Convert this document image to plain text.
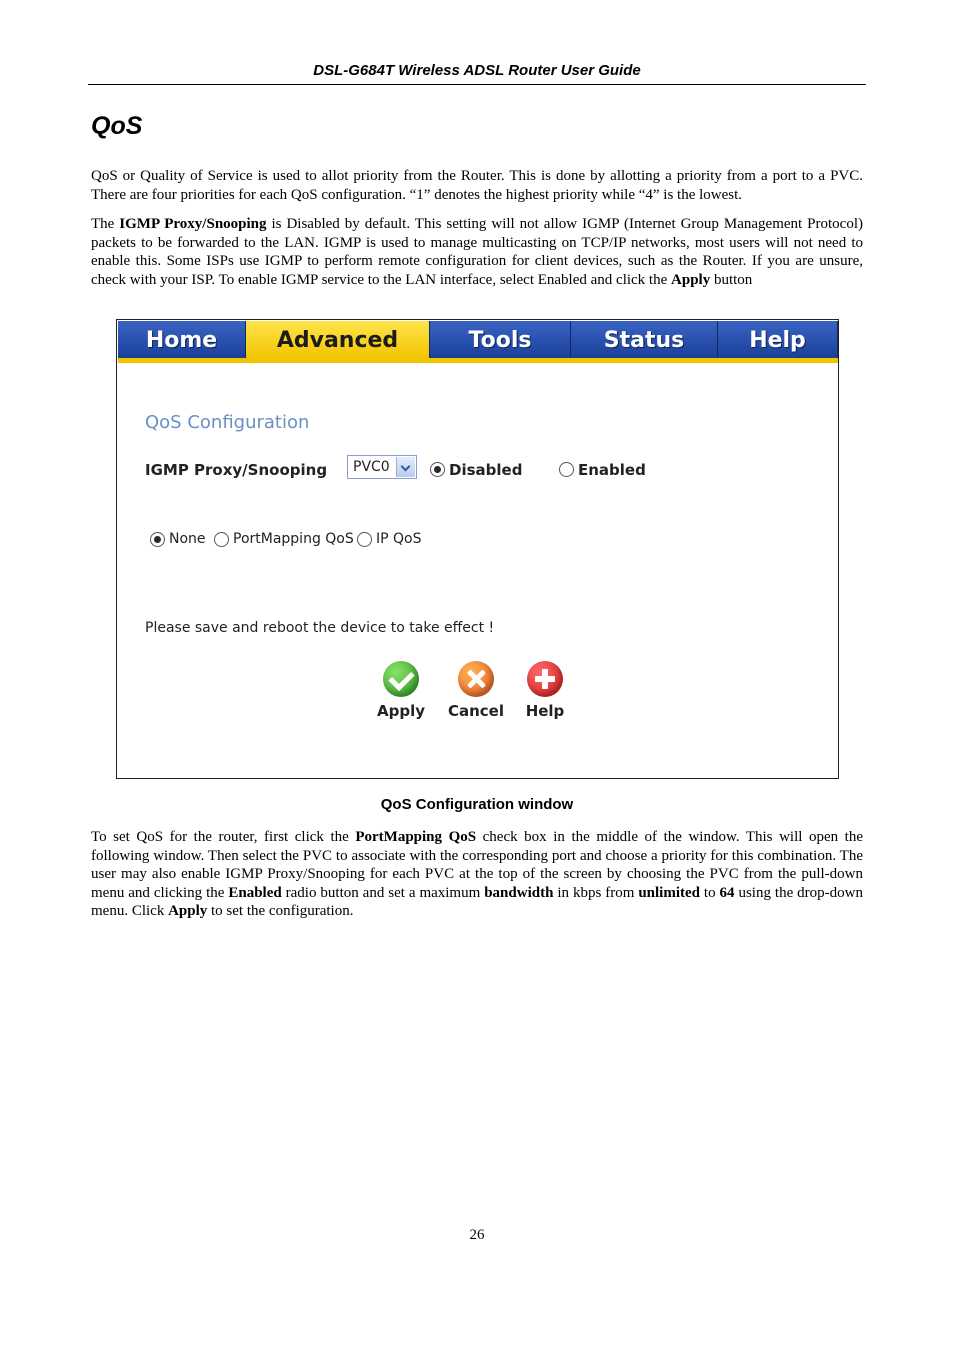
DSL-G684T Wireless ADSL Router User Guide
QoS

QoS or Quality of Service is used to allot priority from the Router. This is done by allotting a priority from a port to a PVC. There are four priorities for each QoS configuration. “1” denotes the highest priority while “4” is the lowest.

The IGMP Proxy/Snooping is Disabled by default. This setting will not allow IGMP (Internet Group Management Protocol) packets to be forwarded to the LAN. IGMP is used to manage multicasting on TCP/IP networks, most users will not need to enable this. Some ISPs use IGMP to perform remote configuration for client devices, such as the Router. If you are unsure, check with your ISP. To enable IGMP service to the LAN interface, select Enabled and click the Apply button

Home	Advanced	Tools	Status	Help
QoS Configuration
IGMP Proxy/Snooping PVC0	Disabled	Enabled
None PortMapping QoS IP QoS
Please save and reboot the device to take effect !
Apply	Cancel	Help
QoS Configuration window

To set QoS for the router, first click the PortMapping QoS check box in the middle of the window. This will open the following window. Then select the PVC to associate with the corresponding port and choose a priority for this combination. The user may also enable IGMP Proxy/Snooping for each PVC at the top of the screen by choosing the PVC from the pull-down menu and clicking the Enabled radio button and set a maximum bandwidth in kbps from unlimited to 64 using the drop-down menu. Click Apply to set the configuration.

26
